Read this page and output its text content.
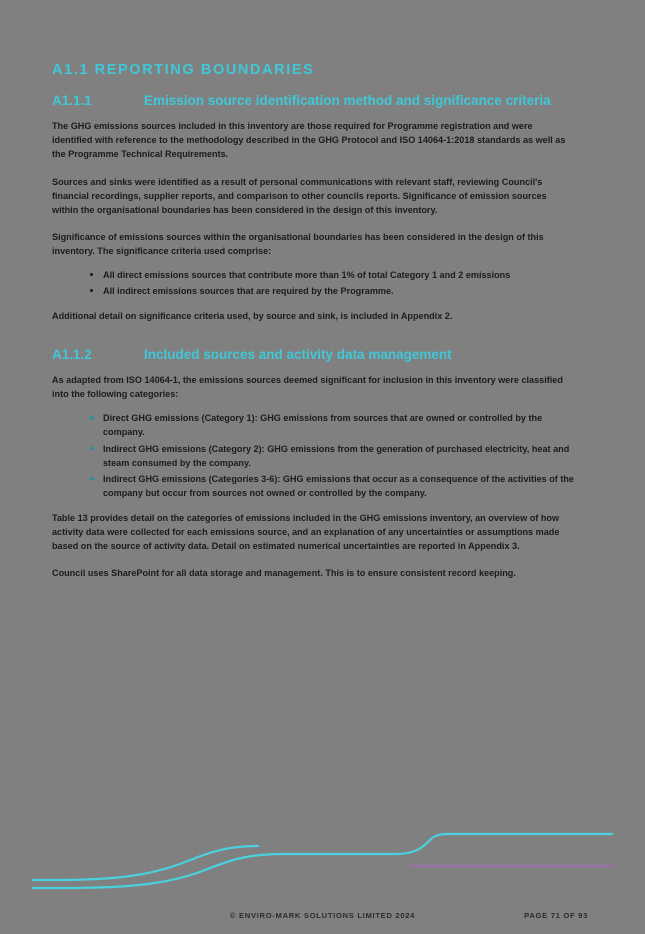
A1.1 REPORTING BOUNDARIES
A1.1.1	Emission source identification method and significance criteria

The GHG emissions sources included in this inventory are those required for Programme registration and were identified with reference to the methodology described in the GHG Protocol and ISO 14064-1:2018 standards as well as the Programme Technical Requirements.

Sources and sinks were identified as a result of personal communications with relevant staff, reviewing Council's financial recordings, supplier reports, and comparison to other councils reports. Significance of emission sources within the organisational boundaries has been considered in the design of this inventory.

Significance of emissions sources within the organisational boundaries has been considered in the design of this inventory. The significance criteria used comprise:

All direct emissions sources that contribute more than 1% of total Category 1 and 2 emissions
All indirect emissions sources that are required by the Programme.

Additional detail on significance criteria used, by source and sink, is included in Appendix 2.

A1.1.2	Included sources and activity data management

As adapted from ISO 14064-1, the emissions sources deemed significant for inclusion in this inventory were classified into the following categories:

Direct GHG emissions (Category 1): GHG emissions from sources that are owned or controlled by the company.
Indirect GHG emissions (Category 2): GHG emissions from the generation of purchased electricity, heat and steam consumed by the company.
Indirect GHG emissions (Categories 3-6): GHG emissions that occur as a consequence of the activities of the company but occur from sources not owned or controlled by the company.

Table 13 provides detail on the categories of emissions included in the GHG emissions inventory, an overview of how activity data were collected for each emissions source, and an explanation of any uncertainties or assumptions made based on the source of activity data. Detail on estimated numerical uncertainties are reported in Appendix 3.

Council uses SharePoint for all data storage and management. This is to ensure consistent record keeping.

© ENVIRO-MARK SOLUTIONS LIMITED 2024	PAGE 71 OF 93
